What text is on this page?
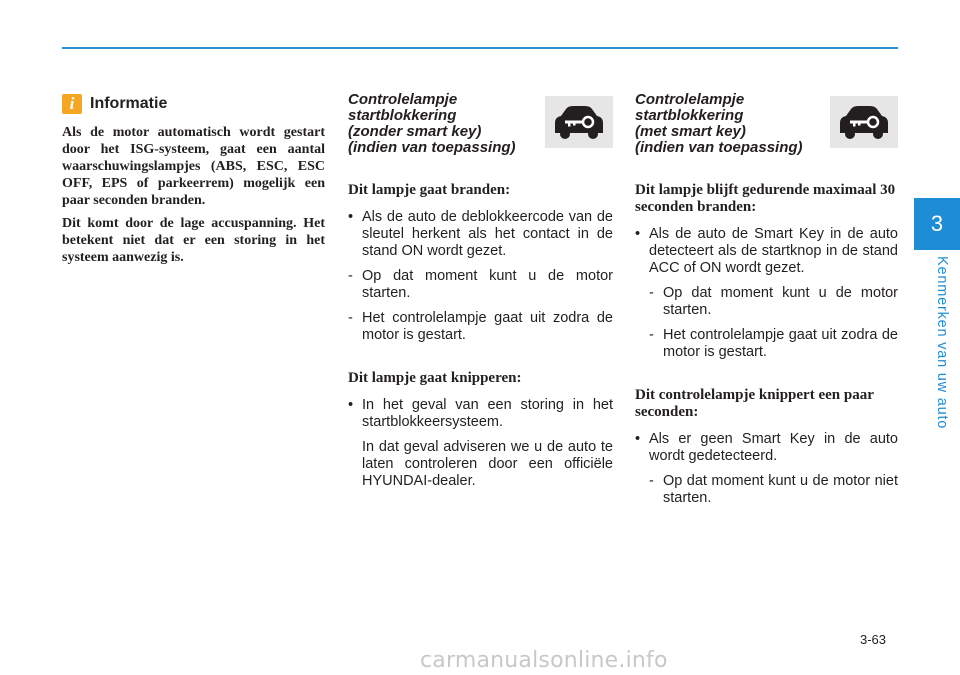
3
Kenmerken van uw auto
i Informatie

Als de motor automatisch wordt gestart door het ISG-systeem, gaat een aantal waarschuwingslampjes (ABS, ESC, ESC OFF, EPS of parkeerrem) mogelijk een paar seconden branden.

Dit komt door de lage accuspanning. Het betekent niet dat er een storing in het systeem aanwezig is.

Controlelampje
startblokkering
(zonder smart key)
(indien van toepassing)

Dit lampje gaat branden:

• Als de auto de deblokkeercode van de sleutel herkent als het contact in de stand ON wordt gezet.
- Op dat moment kunt u de motor starten.
- Het controlelampje gaat uit zodra de motor is gestart.

Dit lampje gaat knipperen:

• In het geval van een storing in het startblokkeersysteem.
In dat geval adviseren we u de auto te laten controleren door een officiële HYUNDAI-dealer.
Controlelampje
startblokkering
(met smart key)
(indien van toepassing)

Dit lampje blijft gedurende maximaal 30 seconden branden:

• Als de auto de Smart Key in de auto detecteert als de startknop in de stand ACC of ON wordt gezet.
- Op dat moment kunt u de motor starten.
- Het controlelampje gaat uit zodra de motor is gestart.

Dit controlelampje knippert een paar seconden:

• Als er geen Smart Key in de auto wordt gedetecteerd.
- Op dat moment kunt u de motor niet starten.
3-63
carmanualsonline.info
